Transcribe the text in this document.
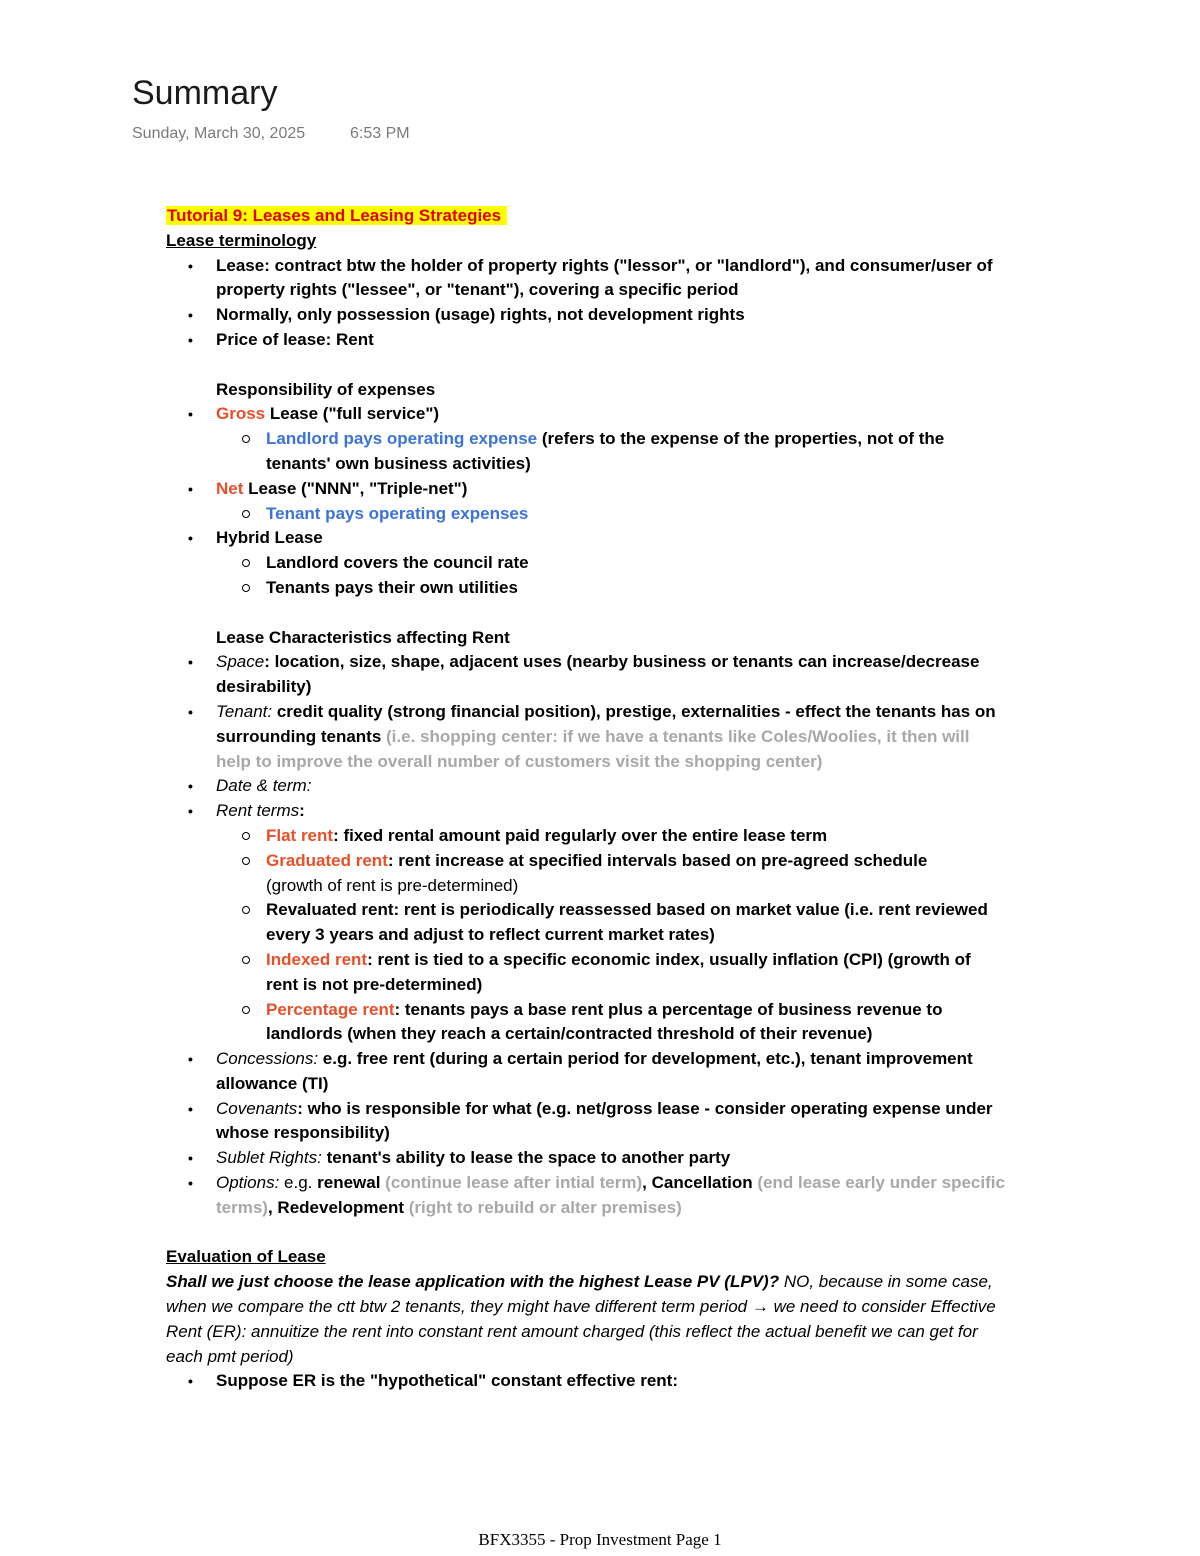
Summary
Sunday, March 30, 2025	6:53 PM

Tutorial 9: Leases and Leasing Strategies

Lease terminology

• Lease: contract btw the holder of property rights ("lessor", or "landlord"), and consumer/user of property rights ("lessee", or "tenant"), covering a specific period
• Normally, only possession (usage) rights, not development rights
• Price of lease: Rent

Responsibility of expenses

• Gross Lease ("full service")
Landlord pays operating expense (refers to the expense of the properties, not of the tenants' own business activities)
• Net Lease ("NNN", "Triple-net")
Tenant pays operating expenses
• Hybrid Lease
Landlord covers the council rate
Tenants pays their own utilities

Lease Characteristics affecting Rent

• Space: location, size, shape, adjacent uses (nearby business or tenants can increase/decrease desirability)
• Tenant: credit quality (strong financial position), prestige, externalities - effect the tenants has on surrounding tenants (i.e. shopping center: if we have a tenants like Coles/Woolies, it then will help to improve the overall number of customers visit the shopping center)
• Date & term:
• Rent terms:
Flat rent: fixed rental amount paid regularly over the entire lease term
Graduated rent: rent increase at specified intervals based on pre-agreed schedule
(growth of rent is pre-determined)
Revaluated rent: rent is periodically reassessed based on market value (i.e. rent reviewed every 3 years and adjust to reflect current market rates)
Indexed rent: rent is tied to a specific economic index, usually inflation (CPI) (growth of rent is not pre-determined)
Percentage rent: tenants pays a base rent plus a percentage of business revenue to landlords (when they reach a certain/contracted threshold of their revenue)
• Concessions: e.g. free rent (during a certain period for development, etc.), tenant improvement allowance (TI)
• Covenants: who is responsible for what (e.g. net/gross lease - consider operating expense under whose responsibility)
• Sublet Rights: tenant's ability to lease the space to another party
• Options: e.g. renewal (continue lease after intial term), Cancellation (end lease early under specific terms), Redevelopment (right to rebuild or alter premises)

Evaluation of Lease

Shall we just choose the lease application with the highest Lease PV (LPV)? NO, because in some case, when we compare the ctt btw 2 tenants, they might have different term period → we need to consider Effective Rent (ER): annuitize the rent into constant rent amount charged (this reflect the actual benefit we can get for each pmt period)

• Suppose ER is the "hypothetical" constant effective rent:
BFX3355 - Prop Investment Page 1
